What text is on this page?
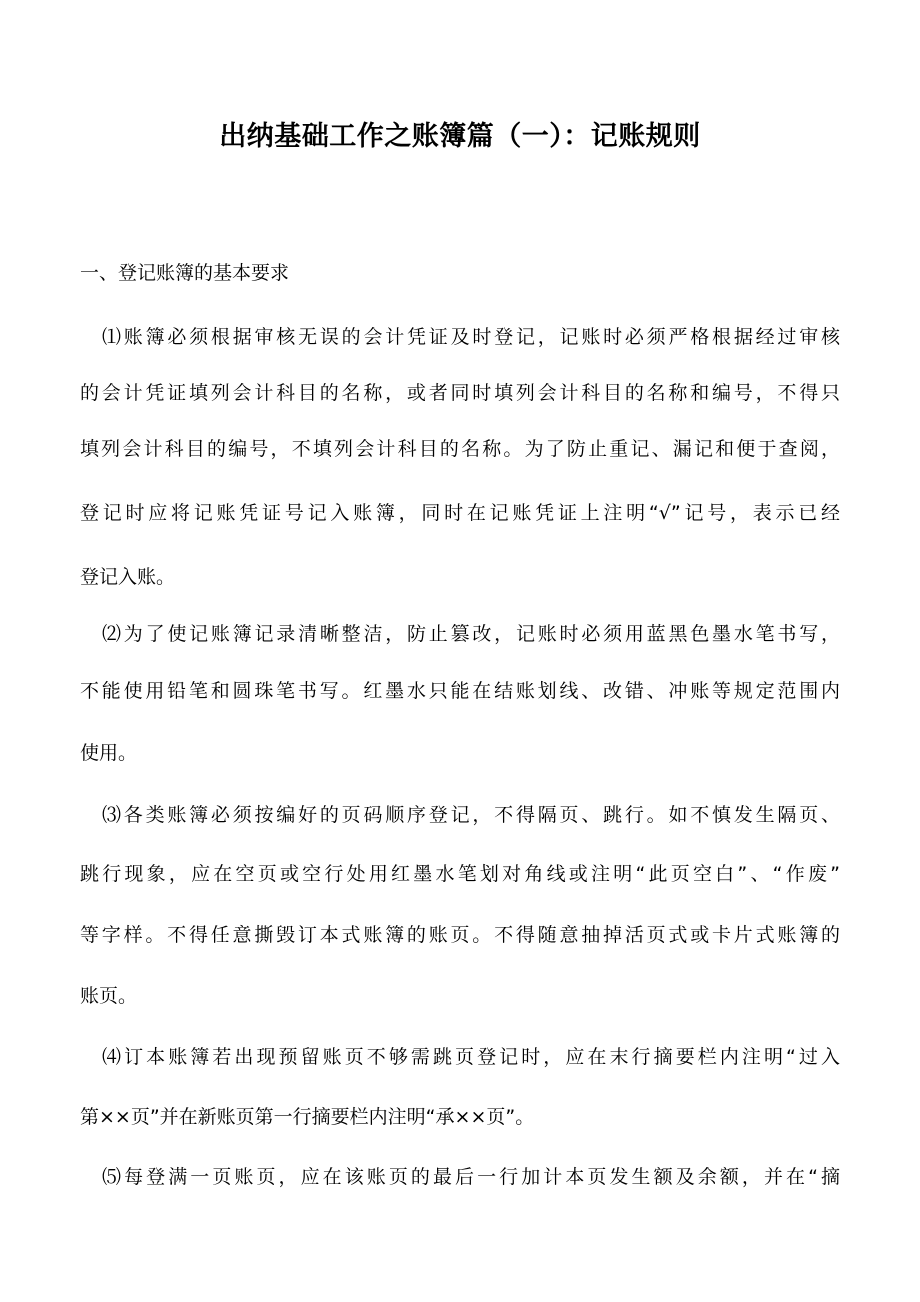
出纳基础工作之账簿篇（一）：记账规则
一、登记账簿的基本要求
⑴账簿必须根据审核无误的会计凭证及时登记，记账时必须严格根据经过审核
的会计凭证填列会计科目的名称，或者同时填列会计科目的名称和编号，不得只
填列会计科目的编号，不填列会计科目的名称。为了防止重记、漏记和便于查阅，
登记时应将记账凭证号记入账簿，同时在记账凭证上注明“√”记号，表示已经
登记入账。
⑵为了使记账簿记录清晰整洁，防止篡改，记账时必须用蓝黑色墨水笔书写，
不能使用铅笔和圆珠笔书写。红墨水只能在结账划线、改错、冲账等规定范围内
使用。
⑶各类账簿必须按编好的页码顺序登记，不得隔页、跳行。如不慎发生隔页、
跳行现象，应在空页或空行处用红墨水笔划对角线或注明“此页空白”、“作废”
等字样。不得任意撕毁订本式账簿的账页。不得随意抽掉活页式或卡片式账簿的
账页。
⑷订本账簿若出现预留账页不够需跳页登记时，应在末行摘要栏内注明“过入
第××页”并在新账页第一行摘要栏内注明“承××页”。
⑸每登满一页账页，应在该账页的最后一行加计本页发生额及余额，并在“摘
